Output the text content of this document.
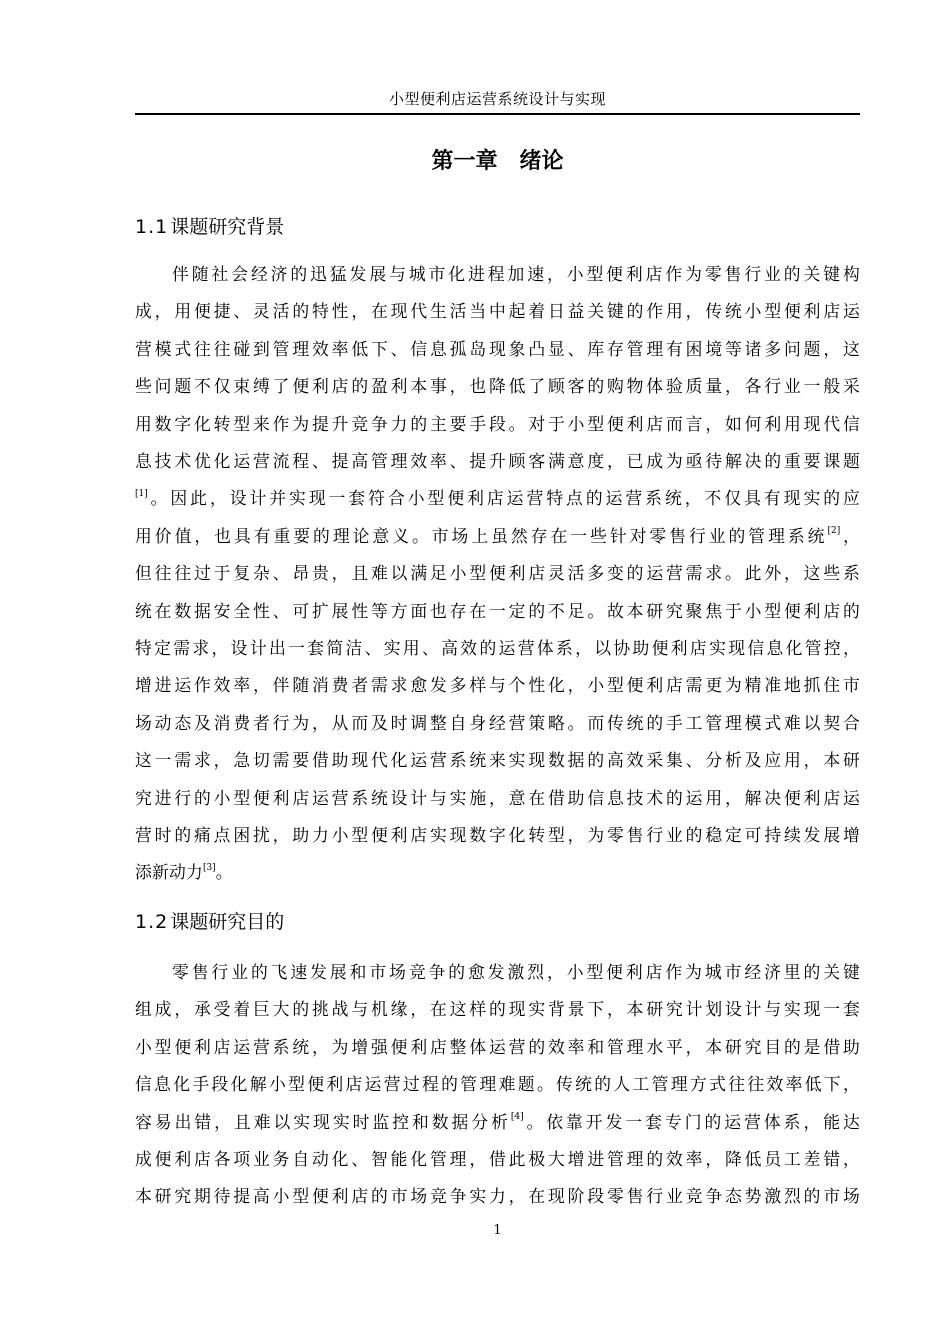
小型便利店运营系统设计与实现
第一章　绪论
1.1 课题研究背景
伴随社会经济的迅猛发展与城市化进程加速，小型便利店作为零售行业的关键构
成，用便捷、灵活的特性，在现代生活当中起着日益关键的作用，传统小型便利店运
营模式往往碰到管理效率低下、信息孤岛现象凸显、库存管理有困境等诸多问题，这
些问题不仅束缚了便利店的盈利本事，也降低了顾客的购物体验质量，各行业一般采
用数字化转型来作为提升竞争力的主要手段。对于小型便利店而言，如何利用现代信
息技术优化运营流程、提高管理效率、提升顾客满意度，已成为亟待解决的重要课题
[1]。因此，设计并实现一套符合小型便利店运营特点的运营系统，不仅具有现实的应
用价值，也具有重要的理论意义。市场上虽然存在一些针对零售行业的管理系统[2]，
但往往过于复杂、昂贵，且难以满足小型便利店灵活多变的运营需求。此外，这些系
统在数据安全性、可扩展性等方面也存在一定的不足。故本研究聚焦于小型便利店的
特定需求，设计出一套简洁、实用、高效的运营体系，以协助便利店实现信息化管控，
增进运作效率，伴随消费者需求愈发多样与个性化，小型便利店需更为精准地抓住市
场动态及消费者行为，从而及时调整自身经营策略。而传统的手工管理模式难以契合
这一需求，急切需要借助现代化运营系统来实现数据的高效采集、分析及应用，本研
究进行的小型便利店运营系统设计与实施，意在借助信息技术的运用，解决便利店运
营时的痛点困扰，助力小型便利店实现数字化转型，为零售行业的稳定可持续发展增
添新动力[3]。
1.2 课题研究目的
零售行业的飞速发展和市场竞争的愈发激烈，小型便利店作为城市经济里的关键
组成，承受着巨大的挑战与机缘，在这样的现实背景下，本研究计划设计与实现一套
小型便利店运营系统，为增强便利店整体运营的效率和管理水平，本研究目的是借助
信息化手段化解小型便利店运营过程的管理难题。传统的人工管理方式往往效率低下，
容易出错，且难以实现实时监控和数据分析[4]。依靠开发一套专门的运营体系，能达
成便利店各项业务自动化、智能化管理，借此极大增进管理的效率，降低员工差错，
本研究期待提高小型便利店的市场竞争实力，在现阶段零售行业竞争态势激烈的市场
1
